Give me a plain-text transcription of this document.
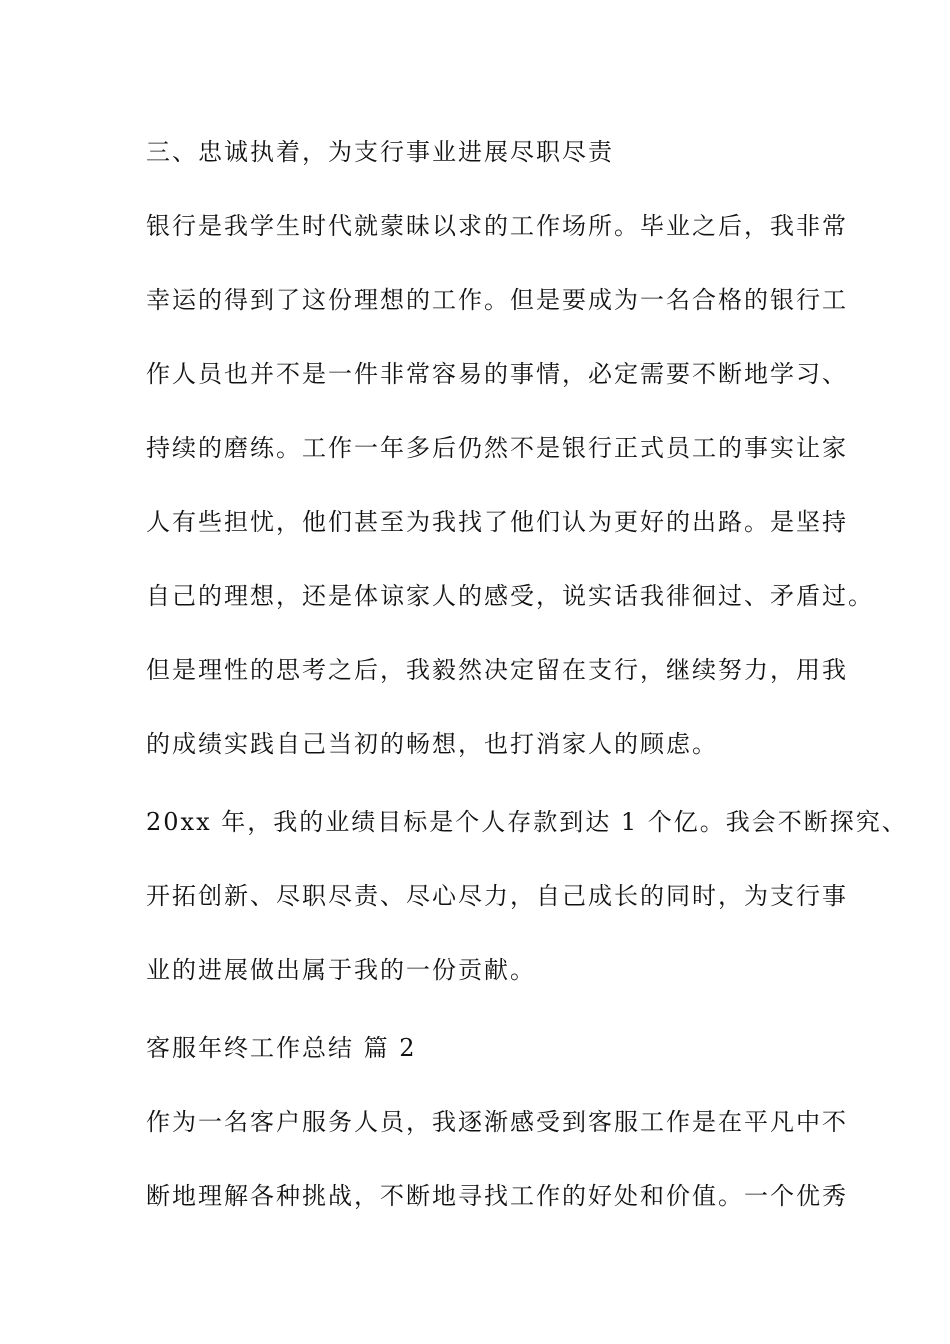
三、忠诚执着，为支行事业进展尽职尽责
银行是我学生时代就蒙昧以求的工作场所。毕业之后，我非常
幸运的得到了这份理想的工作。但是要成为一名合格的银行工
作人员也并不是一件非常容易的事情，必定需要不断地学习、
持续的磨练。工作一年多后仍然不是银行正式员工的事实让家
人有些担忧，他们甚至为我找了他们认为更好的出路。是坚持
自己的理想，还是体谅家人的感受，说实话我徘徊过、矛盾过。
但是理性的思考之后，我毅然决定留在支行，继续努力，用我
的成绩实践自己当初的畅想，也打消家人的顾虑。
20xx 年，我的业绩目标是个人存款到达 1 个亿。我会不断探究、
开拓创新、尽职尽责、尽心尽力，自己成长的同时，为支行事
业的进展做出属于我的一份贡献。
客服年终工作总结 篇 2
作为一名客户服务人员，我逐渐感受到客服工作是在平凡中不
断地理解各种挑战，不断地寻找工作的好处和价值。一个优秀
